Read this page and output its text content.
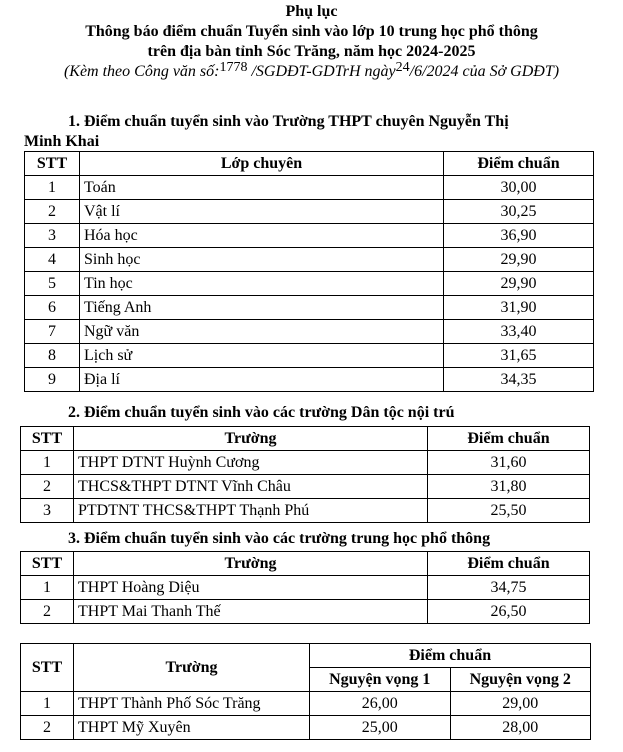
Phụ lục
Thông báo điểm chuẩn Tuyển sinh vào lớp 10 trung học phổ thông
trên địa bàn tỉnh Sóc Trăng, năm học 2024-2025
(Kèm theo Công văn số:1778 /SGDĐT-GDTrH ngày24/6/2024 của Sở GDĐT)
1. Điểm chuẩn tuyển sinh vào Trường THPT chuyên Nguyễn Thị
Minh Khai
STT	Lớp chuyên	Điểm chuẩn
1	Toán	30,00
2	Vật lí	30,25
3	Hóa học	36,90
4	Sinh học	29,90
5	Tin học	29,90
6	Tiếng Anh	31,90
7	Ngữ văn	33,40
8	Lịch sử	31,65
9	Địa lí	34,35
2. Điểm chuẩn tuyển sinh vào các trường Dân tộc nội trú
STT	Trường	Điểm chuẩn
1	THPT DTNT Huỳnh Cương	31,60
2	THCS&THPT DTNT Vĩnh Châu	31,80
3	PTDTNT THCS&THPT Thạnh Phú	25,50
3. Điểm chuẩn tuyển sinh vào các trường trung học phổ thông
STT	Trường	Điểm chuẩn
1	THPT Hoàng Diệu	34,75
2	THPT Mai Thanh Thế	26,50
STT	Trường	Điểm chuẩn	
		Nguyện vọng 1	Nguyện vọng 2
1	THPT Thành Phố Sóc Trăng	26,00	29,00
2	THPT Mỹ Xuyên	25,00	28,00
